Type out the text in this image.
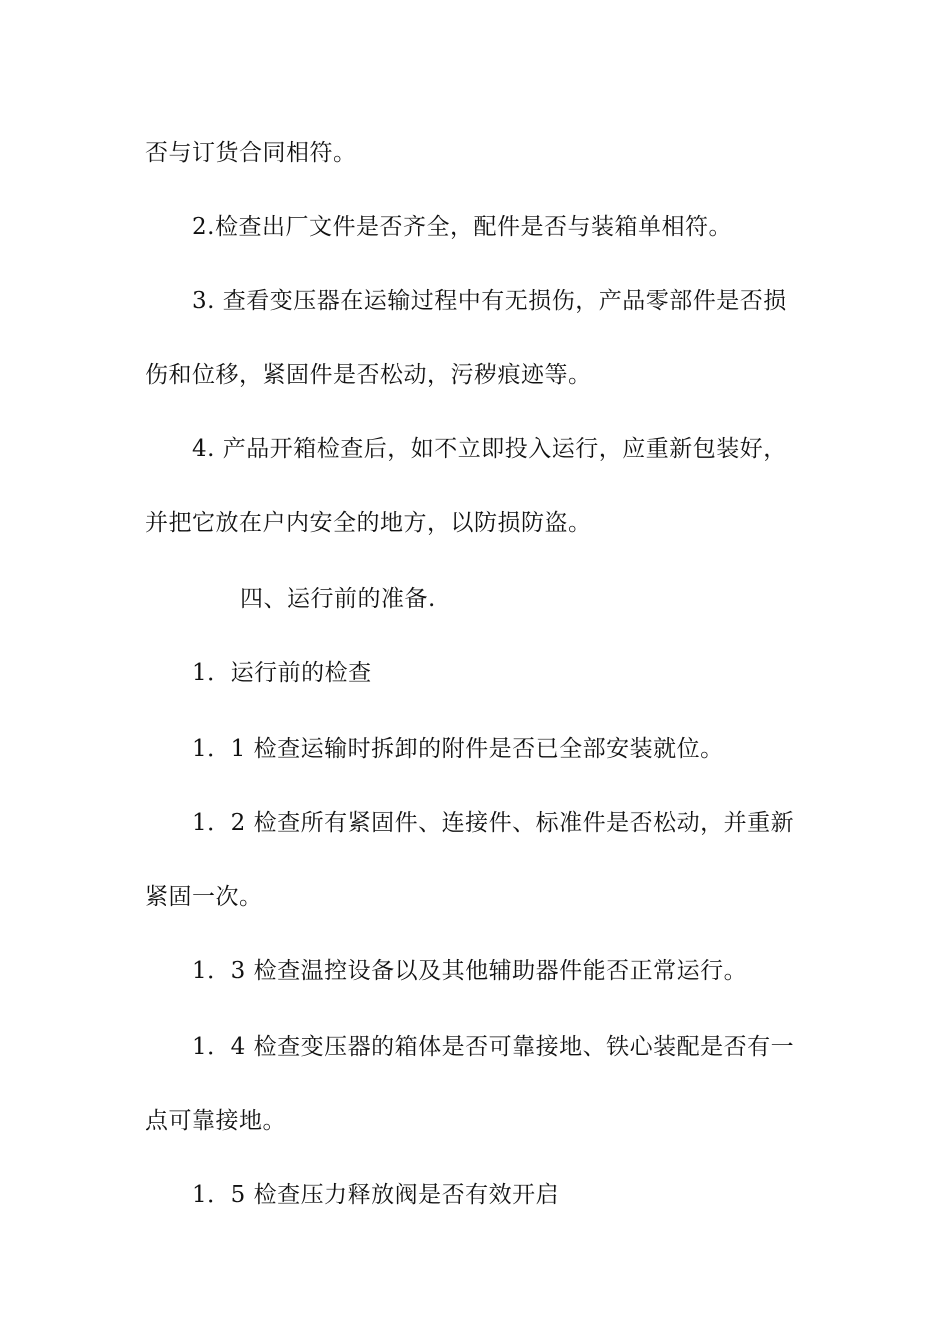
否与订货合同相符。
2.检查出厂文件是否齐全，配件是否与装箱单相符。
3. 查看变压器在运输过程中有无损伤，产品零部件是否损
伤和位移，紧固件是否松动，污秽痕迹等。
4. 产品开箱检查后，如不立即投入运行，应重新包装好，
并把它放在户内安全的地方，以防损防盗。
四、运行前的准备.
1．运行前的检查
1．1 检查运输时拆卸的附件是否已全部安装就位。
1．2 检查所有紧固件、连接件、标准件是否松动，并重新
紧固一次。
1．3 检查温控设备以及其他辅助器件能否正常运行。
1．4 检查变压器的箱体是否可靠接地、铁心装配是否有一
点可靠接地。
1．5 检查压力释放阀是否有效开启
